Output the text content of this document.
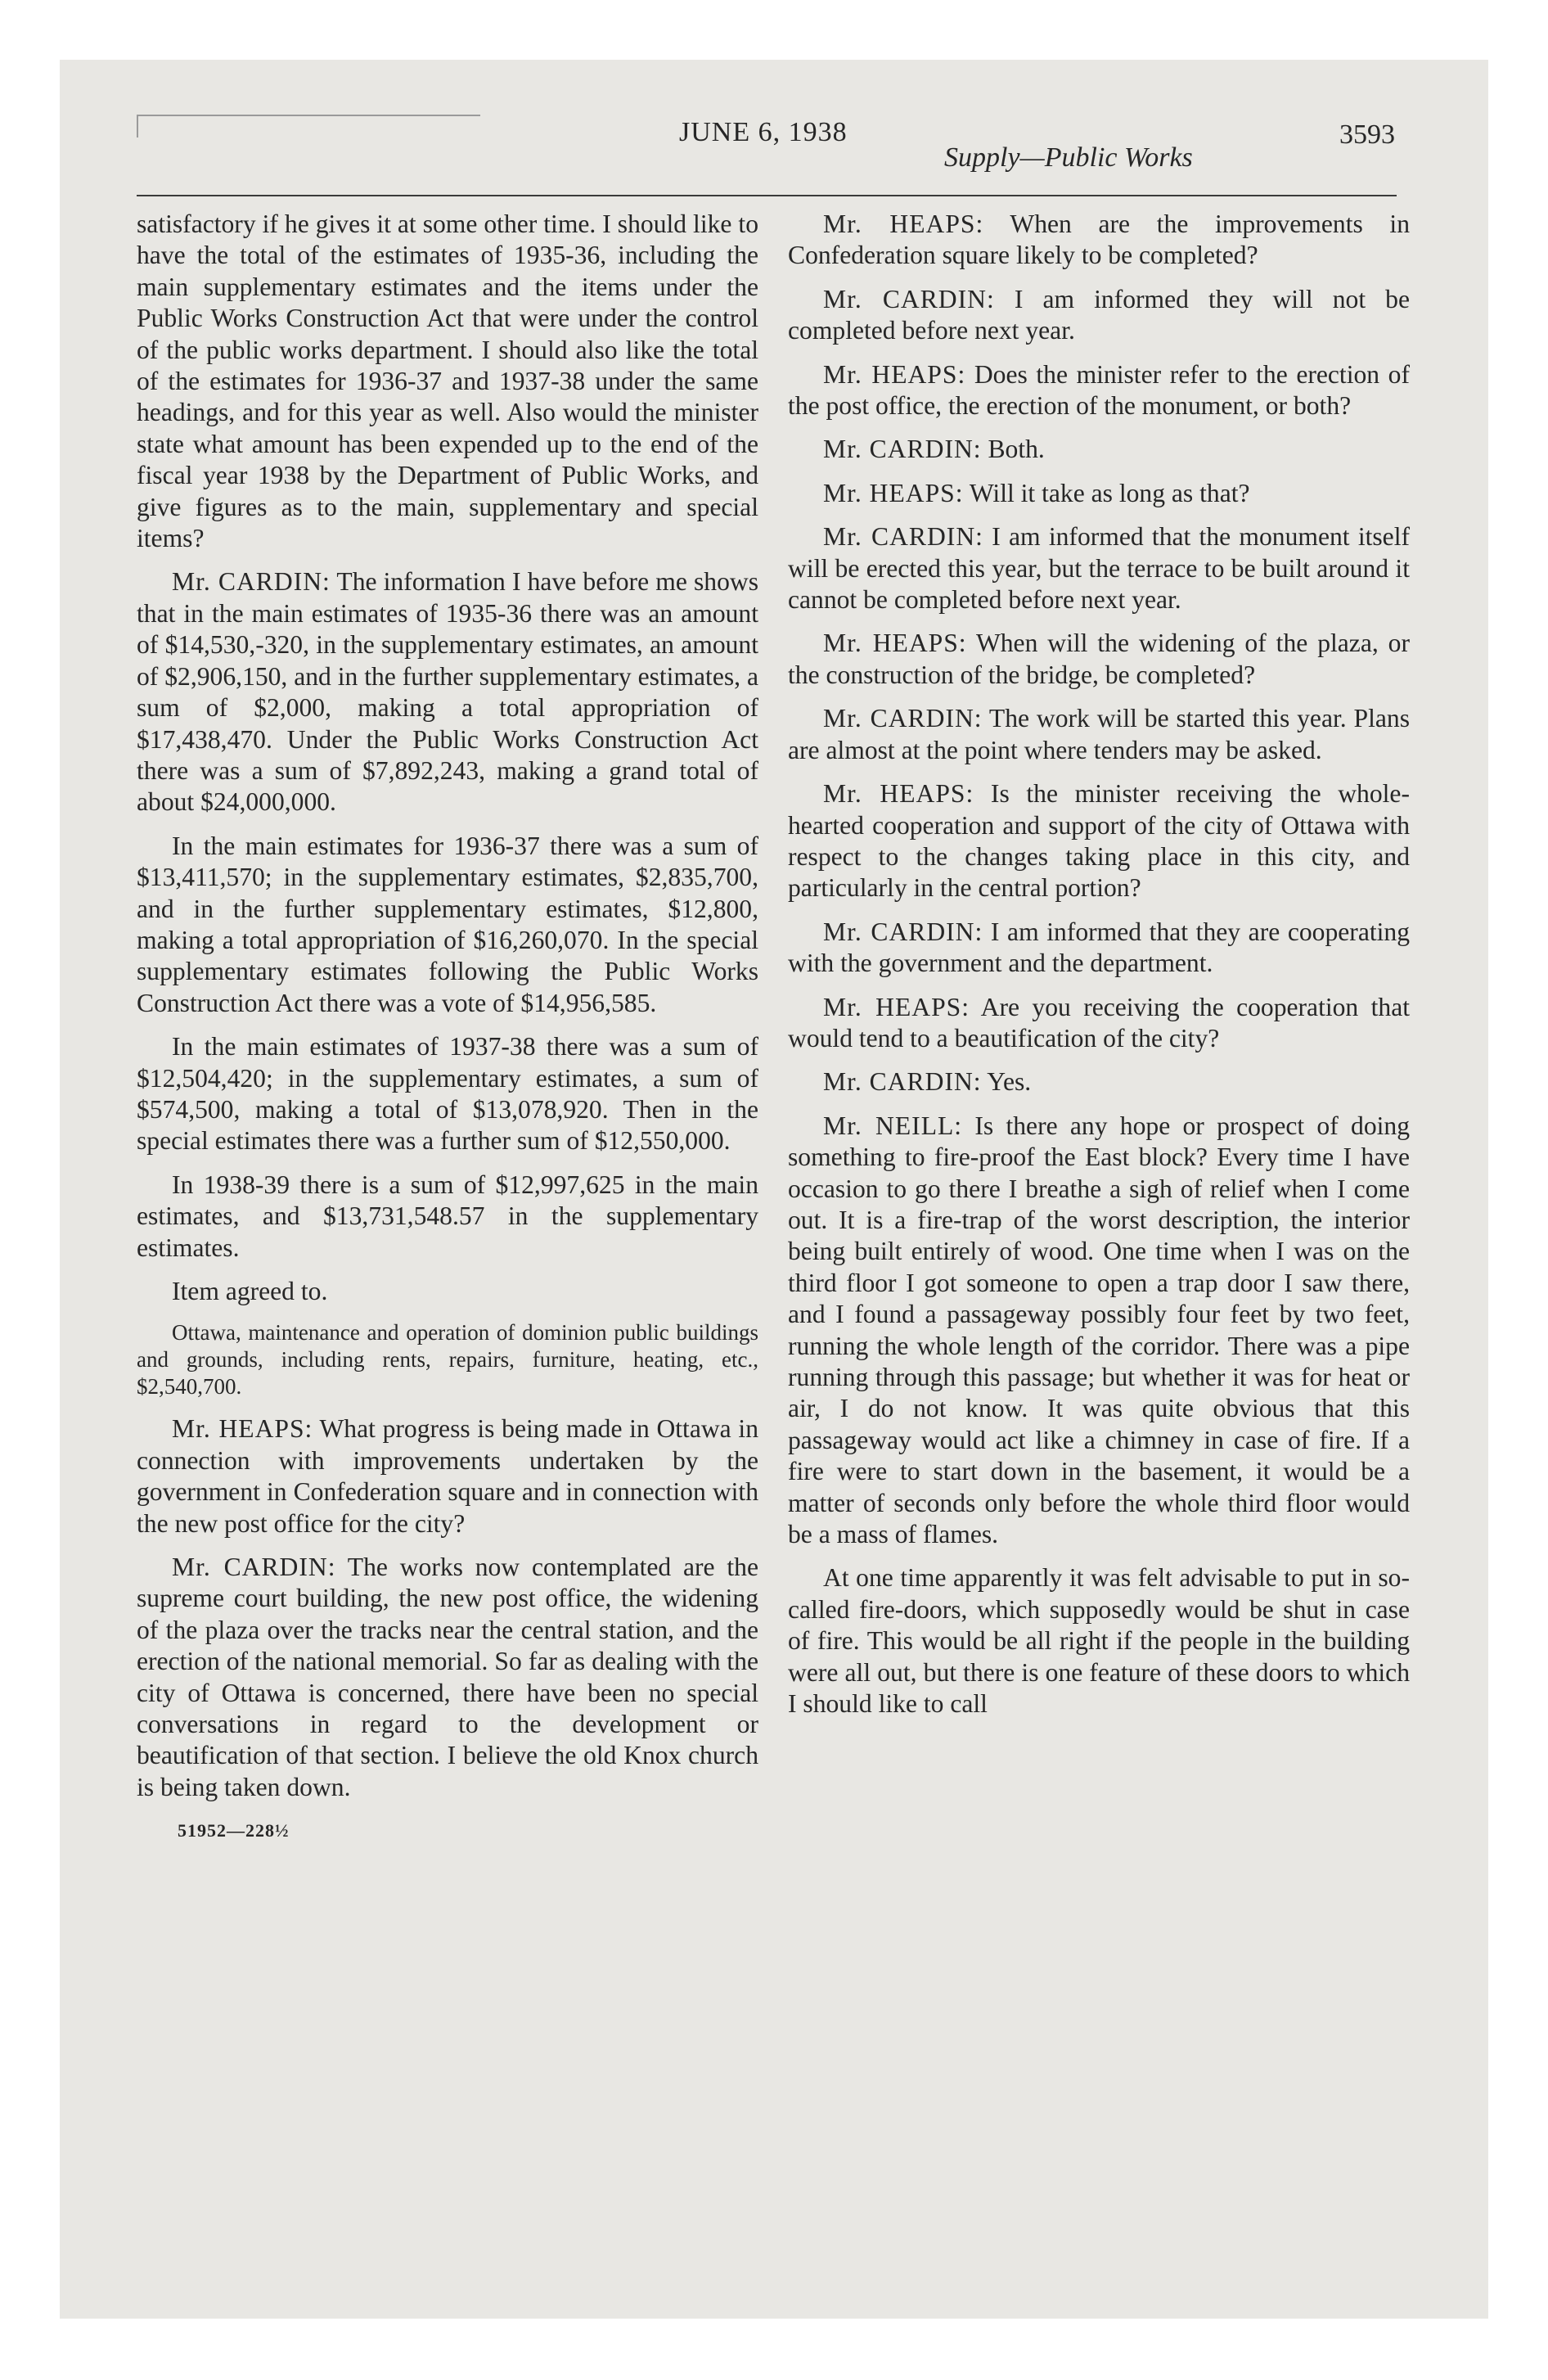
JUNE 6, 1938	3593
Supply—Public Works

satisfactory if he gives it at some other time. I should like to have the total of the estimates of 1935-36, including the main supplementary estimates and the items under the Public Works Construction Act that were under the control of the public works department. I should also like the total of the estimates for 1936-37 and 1937-38 under the same headings, and for this year as well. Also would the minister state what amount has been expended up to the end of the fiscal year 1938 by the Department of Public Works, and give figures as to the main, supplementary and special items?

Mr. CARDIN: The information I have before me shows that in the main estimates of 1935-36 there was an amount of $14,530,-320, in the supplementary estimates, an amount of $2,906,150, and in the further supplementary estimates, a sum of $2,000, making a total appropriation of $17,438,470. Under the Public Works Construction Act there was a sum of $7,892,243, making a grand total of about $24,000,000.

In the main estimates for 1936-37 there was a sum of $13,411,570; in the supplementary estimates, $2,835,700, and in the further supplementary estimates, $12,800, making a total appropriation of $16,260,070. In the special supplementary estimates following the Public Works Construction Act there was a vote of $14,956,585.

In the main estimates of 1937-38 there was a sum of $12,504,420; in the supplementary estimates, a sum of $574,500, making a total of $13,078,920. Then in the special estimates there was a further sum of $12,550,000.

In 1938-39 there is a sum of $12,997,625 in the main estimates, and $13,731,548.57 in the supplementary estimates.

Item agreed to.

Ottawa, maintenance and operation of dominion public buildings and grounds, including rents, repairs, furniture, heating, etc., $2,540,700.

Mr. HEAPS: What progress is being made in Ottawa in connection with improvements undertaken by the government in Confederation square and in connection with the new post office for the city?

Mr. CARDIN: The works now contemplated are the supreme court building, the new post office, the widening of the plaza over the tracks near the central station, and the erection of the national memorial. So far as dealing with the city of Ottawa is concerned, there have been no special conversations in regard to the development or beautification of that section. I believe the old Knox church is being taken down.

51952—228½

Mr. HEAPS: When are the improvements in Confederation square likely to be completed?

Mr. CARDIN: I am informed they will not be completed before next year.

Mr. HEAPS: Does the minister refer to the erection of the post office, the erection of the monument, or both?

Mr. CARDIN: Both.

Mr. HEAPS: Will it take as long as that?

Mr. CARDIN: I am informed that the monument itself will be erected this year, but the terrace to be built around it cannot be completed before next year.

Mr. HEAPS: When will the widening of the plaza, or the construction of the bridge, be completed?

Mr. CARDIN: The work will be started this year. Plans are almost at the point where tenders may be asked.

Mr. HEAPS: Is the minister receiving the whole-hearted cooperation and support of the city of Ottawa with respect to the changes taking place in this city, and particularly in the central portion?

Mr. CARDIN: I am informed that they are cooperating with the government and the department.

Mr. HEAPS: Are you receiving the cooperation that would tend to a beautification of the city?

Mr. CARDIN: Yes.

Mr. NEILL: Is there any hope or prospect of doing something to fire-proof the East block? Every time I have occasion to go there I breathe a sigh of relief when I come out. It is a fire-trap of the worst description, the interior being built entirely of wood. One time when I was on the third floor I got someone to open a trap door I saw there, and I found a passageway possibly four feet by two feet, running the whole length of the corridor. There was a pipe running through this passage; but whether it was for heat or air, I do not know. It was quite obvious that this passageway would act like a chimney in case of fire. If a fire were to start down in the basement, it would be a matter of seconds only before the whole third floor would be a mass of flames.

At one time apparently it was felt advisable to put in so-called fire-doors, which supposedly would be shut in case of fire. This would be all right if the people in the building were all out, but there is one feature of these doors to which I should like to call
